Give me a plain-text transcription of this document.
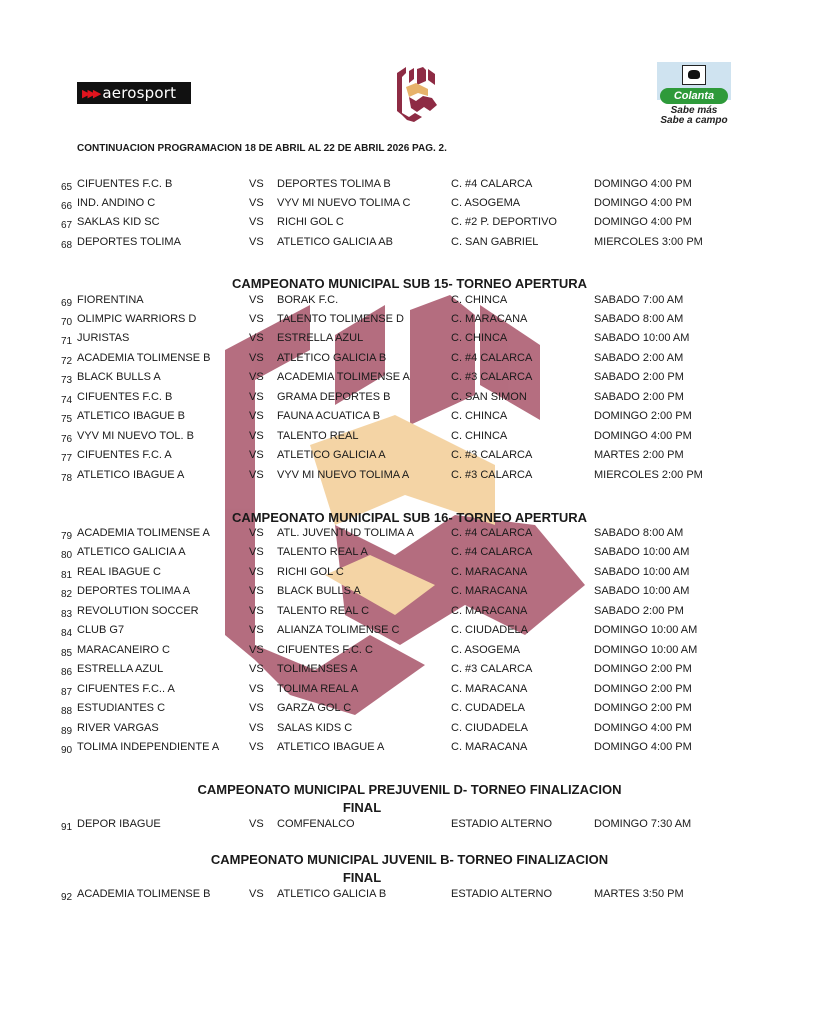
▶▶▶ aerosport	Colanta
Sabe más
Sabe a campo
CONTINUACION PROGRAMACION 18 DE ABRIL AL 22 DE ABRIL 2026 PAG. 2.
65 CIFUENTES F.C. B	VS DEPORTES TOLIMA B	C. #4 CALARCA	DOMINGO 4:00 PM
66 IND. ANDINO C	VS VYV MI NUEVO TOLIMA C	C. ASOGEMA	DOMINGO 4:00 PM
67 SAKLAS KID SC	VS RICHI GOL C	C. #2 P. DEPORTIVO	DOMINGO 4:00 PM
68 DEPORTES TOLIMA	VS ATLETICO GALICIA AB	C. SAN GABRIEL	MIERCOLES 3:00 PM
CAMPEONATO MUNICIPAL SUB 15- TORNEO APERTURA
69 FIORENTINA	VS BORAK F.C.	C. CHINCA	SABADO 7:00 AM
70 OLIMPIC WARRIORS D	VS TALENTO TOLIMENSE D	C. MARACANA	SABADO 8:00 AM
71 JURISTAS	VS ESTRELLA AZUL	C. CHINCA	SABADO 10:00 AM
72 ACADEMIA TOLIMENSE B	VS ATLETICO GALICIA B	C. #4 CALARCA	SABADO 2:00 AM
73 BLACK BULLS A	VS ACADEMIA TOLIMENSE A	C. #3 CALARCA	SABADO 2:00 PM
74 CIFUENTES F.C. B	VS GRAMA DEPORTES B	C. SAN SIMON	SABADO 2:00 PM
75 ATLETICO IBAGUE B	VS FAUNA ACUATICA B	C. CHINCA	DOMINGO 2:00 PM
76 VYV MI NUEVO TOL. B	VS TALENTO REAL	C. CHINCA	DOMINGO 4:00 PM
77 CIFUENTES F.C. A	VS ATLETICO GALICIA A	C. #3 CALARCA	MARTES 2:00 PM
78 ATLETICO IBAGUE A	VS VYV MI NUEVO TOLIMA A	C. #3 CALARCA	MIERCOLES 2:00 PM
CAMPEONATO MUNICIPAL SUB 16- TORNEO APERTURA
79 ACADEMIA TOLIMENSE A	VS ATL. JUVENTUD TOLIMA A	C. #4 CALARCA	SABADO 8:00 AM
80 ATLETICO GALICIA A	VS TALENTO REAL A	C. #4 CALARCA	SABADO 10:00 AM
81 REAL IBAGUE C	VS RICHI GOL C	C. MARACANA	SABADO 10:00 AM
82 DEPORTES TOLIMA A	VS BLACK BULLS A	C. MARACANA	SABADO 10:00 AM
83 REVOLUTION SOCCER	VS TALENTO REAL C	C. MARACANA	SABADO 2:00 PM
84 CLUB G7	VS ALIANZA TOLIMENSE C	C. CIUDADELA	DOMINGO 10:00 AM
85 MARACANEIRO C	VS CIFUENTES F.C. C	C. ASOGEMA	DOMINGO 10:00 AM
86 ESTRELLA AZUL	VS TOLIMENSES A	C. #3 CALARCA	DOMINGO 2:00 PM
87 CIFUENTES F.C.. A	VS TOLIMA REAL A	C. MARACANA	DOMINGO 2:00 PM
88 ESTUDIANTES C	VS GARZA GOL C	C. CUDADELA	DOMINGO 2:00 PM
89 RIVER VARGAS	VS SALAS KIDS C	C. CIUDADELA	DOMINGO 4:00 PM
90 TOLIMA INDEPENDIENTE A	VS ATLETICO IBAGUE A	C. MARACANA	DOMINGO 4:00 PM
CAMPEONATO MUNICIPAL PREJUVENIL D- TORNEO FINALIZACION
FINAL
91 DEPOR IBAGUE	VS COMFENALCO	ESTADIO ALTERNO	DOMINGO 7:30 AM
CAMPEONATO MUNICIPAL JUVENIL B- TORNEO FINALIZACION
FINAL
92 ACADEMIA TOLIMENSE B	VS ATLETICO GALICIA B	ESTADIO ALTERNO	MARTES 3:50 PM
